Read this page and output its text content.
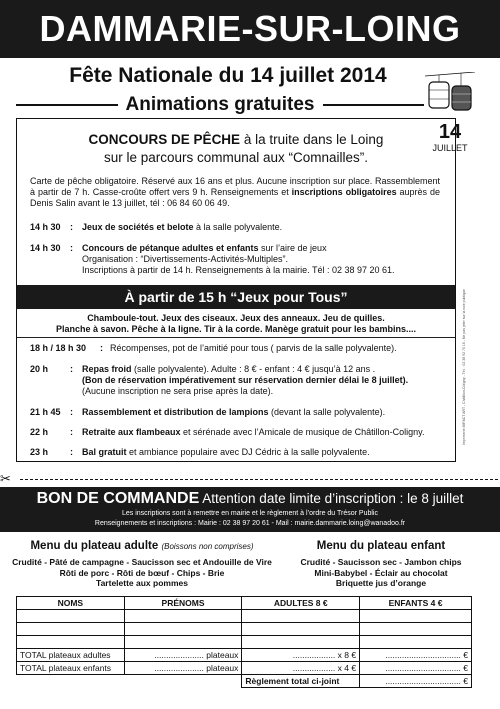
DAMMARIE-SUR-LOING
Fête Nationale du 14 juillet 2014
Animations gratuites
14
JUILLET
Imprimerie IMPACT ART - Châtillon-Coligny - Tél. : 02 38 92 70 16 - Ne pas jeter sur la voie publique
CONCOURS DE PÊCHE à la truite dans le Loing
sur le parcours communal aux “Comnailles”.
Carte de pêche obligatoire. Réservé aux 16 ans et plus. Aucune inscription sur place. Rassemblement à partir de 7 h. Casse-croûte offert vers 9 h. Renseignements et inscriptions obligatoires auprès de Denis Salin avant le 13 juillet, tél : 06 84 60 06 49.
14 h 30	:	Jeux de sociétés et belote à la salle polyvalente.
14 h 30	:	Concours de pétanque adultes et enfants sur l’aire de jeux
Organisation : “Divertissements-Activités-Multiples”.
Inscriptions à partir de 14 h. Renseignements à la mairie. Tél : 02 38 97 20 61.
À partir de 15 h “Jeux pour Tous”
Chamboule-tout. Jeux des ciseaux. Jeux des anneaux. Jeu de quilles.
Planche à savon. Pêche à la ligne. Tir à la corde. Manège gratuit pour les bambins....
18 h / 18 h 30	: Récompenses, pot de l’amitié pour tous ( parvis de la salle polyvalente).
20 h	:	Repas froid (salle polyvalente). Adulte : 8 € - enfant : 4 € jusqu’à 12 ans .
(Bon de réservation impérativement sur réservation dernier délai le 8 juillet).
(Aucune inscription ne sera prise après la date).
21 h 45	:	Rassemblement et distribution de lampions (devant la salle polyvalente).
22 h	:	Retraite aux flambeaux et sérénade avec l’Amicale de musique de Châtillon-Coligny.
23 h	:	Bal gratuit et ambiance populaire avec DJ Cédric à la salle polyvalente.
✂
BON DE COMMANDE Attention date limite d’inscription : le 8 juillet
Les inscriptions sont à remettre en mairie et le règlement à l’ordre du Trésor Public
Renseignements et inscriptions : Mairie : 02 38 97 20 61 - Mail : mairie.dammarie.loing@wanadoo.fr
Menu du plateau adulte (Boissons non comprises)
Crudité - Pâté de campagne - Saucisson sec et Andouille de Vire
Rôti de porc - Rôti de bœuf - Chips - Brie
Tartelette aux pommes
Menu du plateau enfant
Crudité - Saucisson sec - Jambon chips
Mini-Babybel - Éclair au chocolat
Briquette jus d’orange
NOMS	PRÉNOMS	ADULTES 8 €	ENFANTS 4 €

TOTAL plateaux adultes	..................... plateaux	.................. x 8 €	................................ €
TOTAL plateaux enfants	..................... plateaux	.................. x 4 €	................................ €
		Règlement total ci-joint	................................ €
